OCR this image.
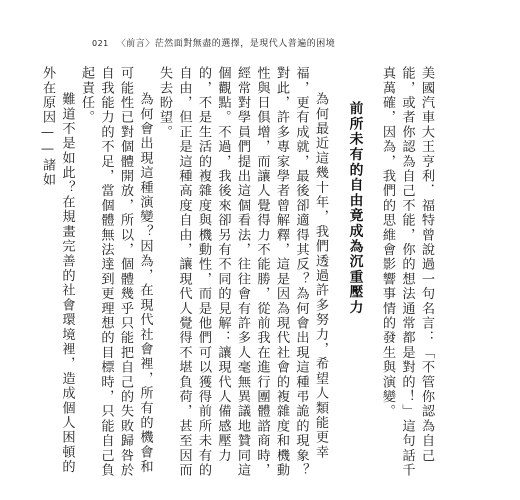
021 〈前言〉茫然面對無盡的選擇，是現代人普遍的困境

美國汽車大王亨利．福特曾說過一句名言：「不管你認為自己能，或者你認為自己不能，你的想法通常都是對的！」這句話千真萬確，因為，我們的思維會影響事情的發生與演變。

前所未有的自由竟成為沉重壓力

為何最近這幾十年，我們透過許多努力，希望人類能更幸福，更有成就，最後卻適得其反？為何會出現這種弔詭的現象？對此，許多專家學者曾解釋，這是因為現代社會的複雜度和機動性與日俱增，而讓人覺得力不能勝，從前我在進行團體諮商時，經常對學員們提出這個看法，往往會有許多人毫無異議地贊同這個觀點。不過，我後來卻另有不同的見解：讓現代人備感壓力的，不是生活的複雜度與機動性，而是他們可以獲得前所未有的自由，但正是這種高度自由，讓現代人覺得不堪負荷，甚至因而失去盼望。

為何會出現這種演變？因為，在現代社會裡，所有的機會和可能性已對個體開放，所以，個體幾乎只能把自己的失敗歸咎於自我能力的不足，當個體無法達到更理想的目標時，只能自己負起責任。

難道不是如此？在規畫完善的社會環境裡，造成個人困頓的外在原因——諸如
